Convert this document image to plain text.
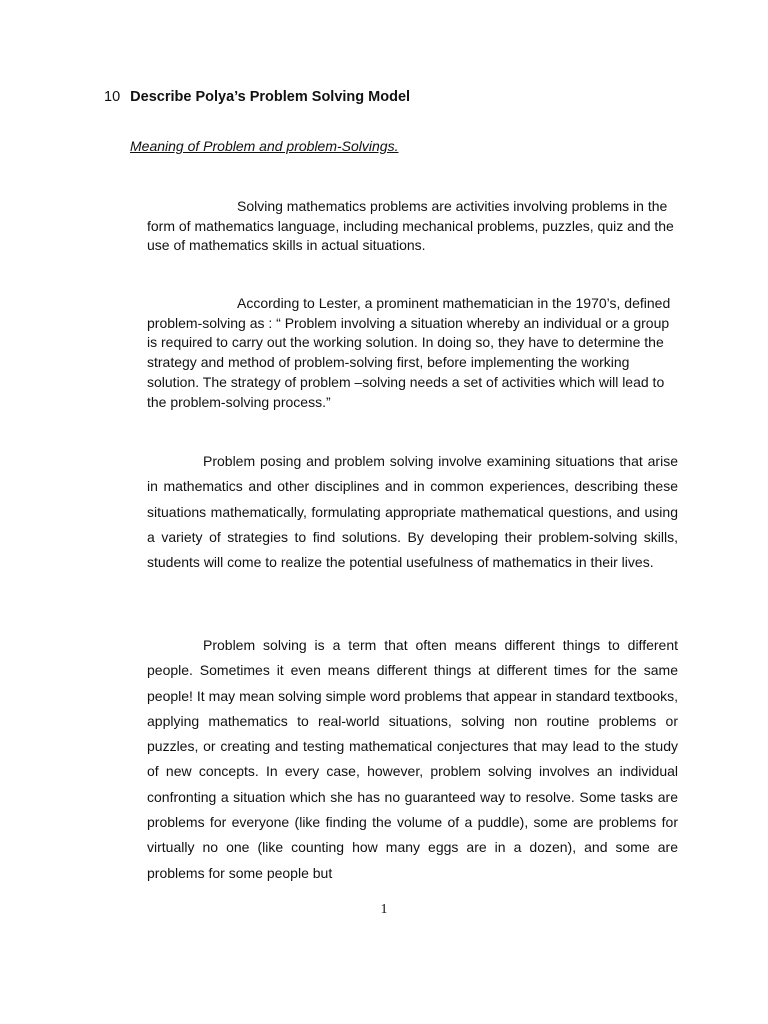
10 Describe Polya’s Problem Solving Model
Meaning of Problem and problem-Solvings.

Solving mathematics problems are activities involving problems in the form of mathematics language, including mechanical problems, puzzles, quiz and the use of mathematics skills in actual situations.

According to Lester, a prominent mathematician in the 1970’s, defined problem-solving as : “ Problem involving a situation whereby an individual or a group is required to carry out the working solution. In doing so, they have to determine the strategy and method of problem-solving first, before implementing the working solution. The strategy of problem –solving needs a set of activities which will lead to the problem-solving process.”

Problem posing and problem solving involve examining situations that arise in mathematics and other disciplines and in common experiences, describing these situations mathematically, formulating appropriate mathematical questions, and using a variety of strategies to find solutions. By developing their problem-solving skills, students will come to realize the potential usefulness of mathematics in their lives.

Problem solving is a term that often means different things to different people. Sometimes it even means different things at different times for the same people! It may mean solving simple word problems that appear in standard textbooks, applying mathematics to real-world situations, solving non routine problems or puzzles, or creating and testing mathematical conjectures that may lead to the study of new concepts. In every case, however, problem solving involves an individual confronting a situation which she has no guaranteed way to resolve. Some tasks are problems for everyone (like finding the volume of a puddle), some are problems for virtually no one (like counting how many eggs are in a dozen), and some are problems for some people but

1
